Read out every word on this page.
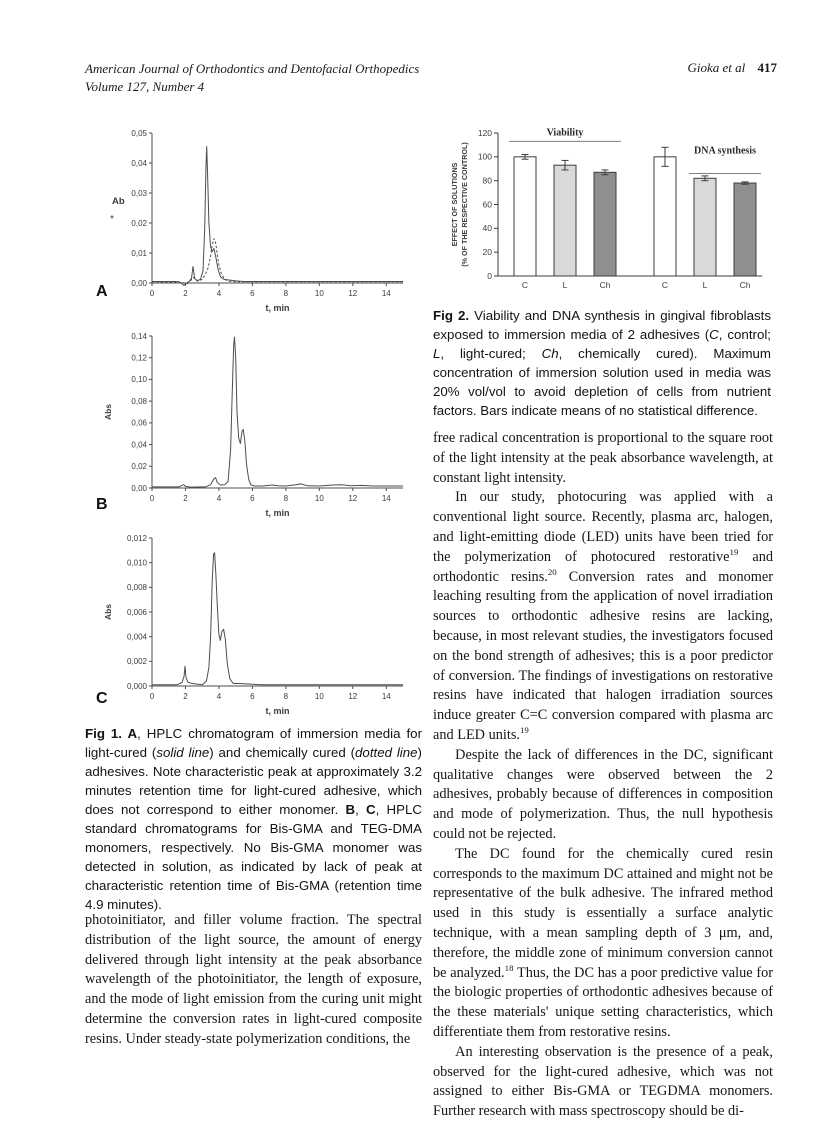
American Journal of Orthodontics and Dentofacial Orthopedics
Volume 127, Number 4
Gioka et al 417
0	2	4	6	8	10	12	14
0,00
0,01
0,02
0,03
0,04
0,05
t, min
Ab
*
A
0	2	4	6	8	10	12	14
0,00
0,02
0,04
0,06
0,08
0,10
0,12
0,14
t, min
Abs
B
0	2	4	6	8	10	12	14
0,000
0,002
0,004
0,006
0,008
0,010
0,012
t, min
Abs
C
0
20
40
60
80
100
120
EFFECT OF SOLUTIONS (% OF THE RESPECTIVE CONTROL)
C	L	Ch
Viability
C	L	Ch
DNA synthesis
Fig 1. A, HPLC chromatogram of immersion media for light-cured (solid line) and chemically cured (dotted line) adhesives. Note characteristic peak at approximately 3.2 minutes retention time for light-cured adhesive, which does not correspond to either monomer. B, C, HPLC standard chromatograms for Bis-GMA and TEG-DMA monomers, respectively. No Bis-GMA monomer was detected in solution, as indicated by lack of peak at characteristic retention time of Bis-GMA (retention time 4.9 minutes).
Fig 2. Viability and DNA synthesis in gingival fibroblasts exposed to immersion media of 2 adhesives (C, control; L, light-cured; Ch, chemically cured). Maximum concentration of immersion solution used in media was 20% vol/vol to avoid depletion of cells from nutrient factors. Bars indicate means of no statistical difference.

photoinitiator, and filler volume fraction. The spectral distribution of the light source, the amount of energy delivered through light intensity at the peak absorbance wavelength of the photoinitiator, the length of exposure, and the mode of light emission from the curing unit might determine the conversion rates in light-cured composite resins. Under steady-state polymerization conditions, the

free radical concentration is proportional to the square root of the light intensity at the peak absorbance wavelength, at constant light intensity.

In our study, photocuring was applied with a conventional light source. Recently, plasma arc, halogen, and light-emitting diode (LED) units have been tried for the polymerization of photocured restorative$^{19}$ and orthodontic resins.$^{20}$ Conversion rates and monomer leaching resulting from the application of novel irradiation sources to orthodontic adhesive resins are lacking, because, in most relevant studies, the investigators focused on the bond strength of adhesives; this is a poor predictor of conversion. The findings of investigations on restorative resins have indicated that halogen irradiation sources induce greater C=C conversion compared with plasma arc and LED units.$^{19}$

Despite the lack of differences in the DC, significant qualitative changes were observed between the 2 adhesives, probably because of differences in composition and mode of polymerization. Thus, the null hypothesis could not be rejected.

The DC found for the chemically cured resin corresponds to the maximum DC attained and might not be representative of the bulk adhesive. The infrared method used in this study is essentially a surface analytic technique, with a mean sampling depth of 3 μm, and, therefore, the middle zone of minimum conversion cannot be analyzed.$^{18}$ Thus, the DC has a poor predictive value for the biologic properties of orthodontic adhesives because of the these materials' unique setting characteristics, which differentiate them from restorative resins.

An interesting observation is the presence of a peak, observed for the light-cured adhesive, which was not assigned to either Bis-GMA or TEGDMA monomers. Further research with mass spectroscopy should be di-
